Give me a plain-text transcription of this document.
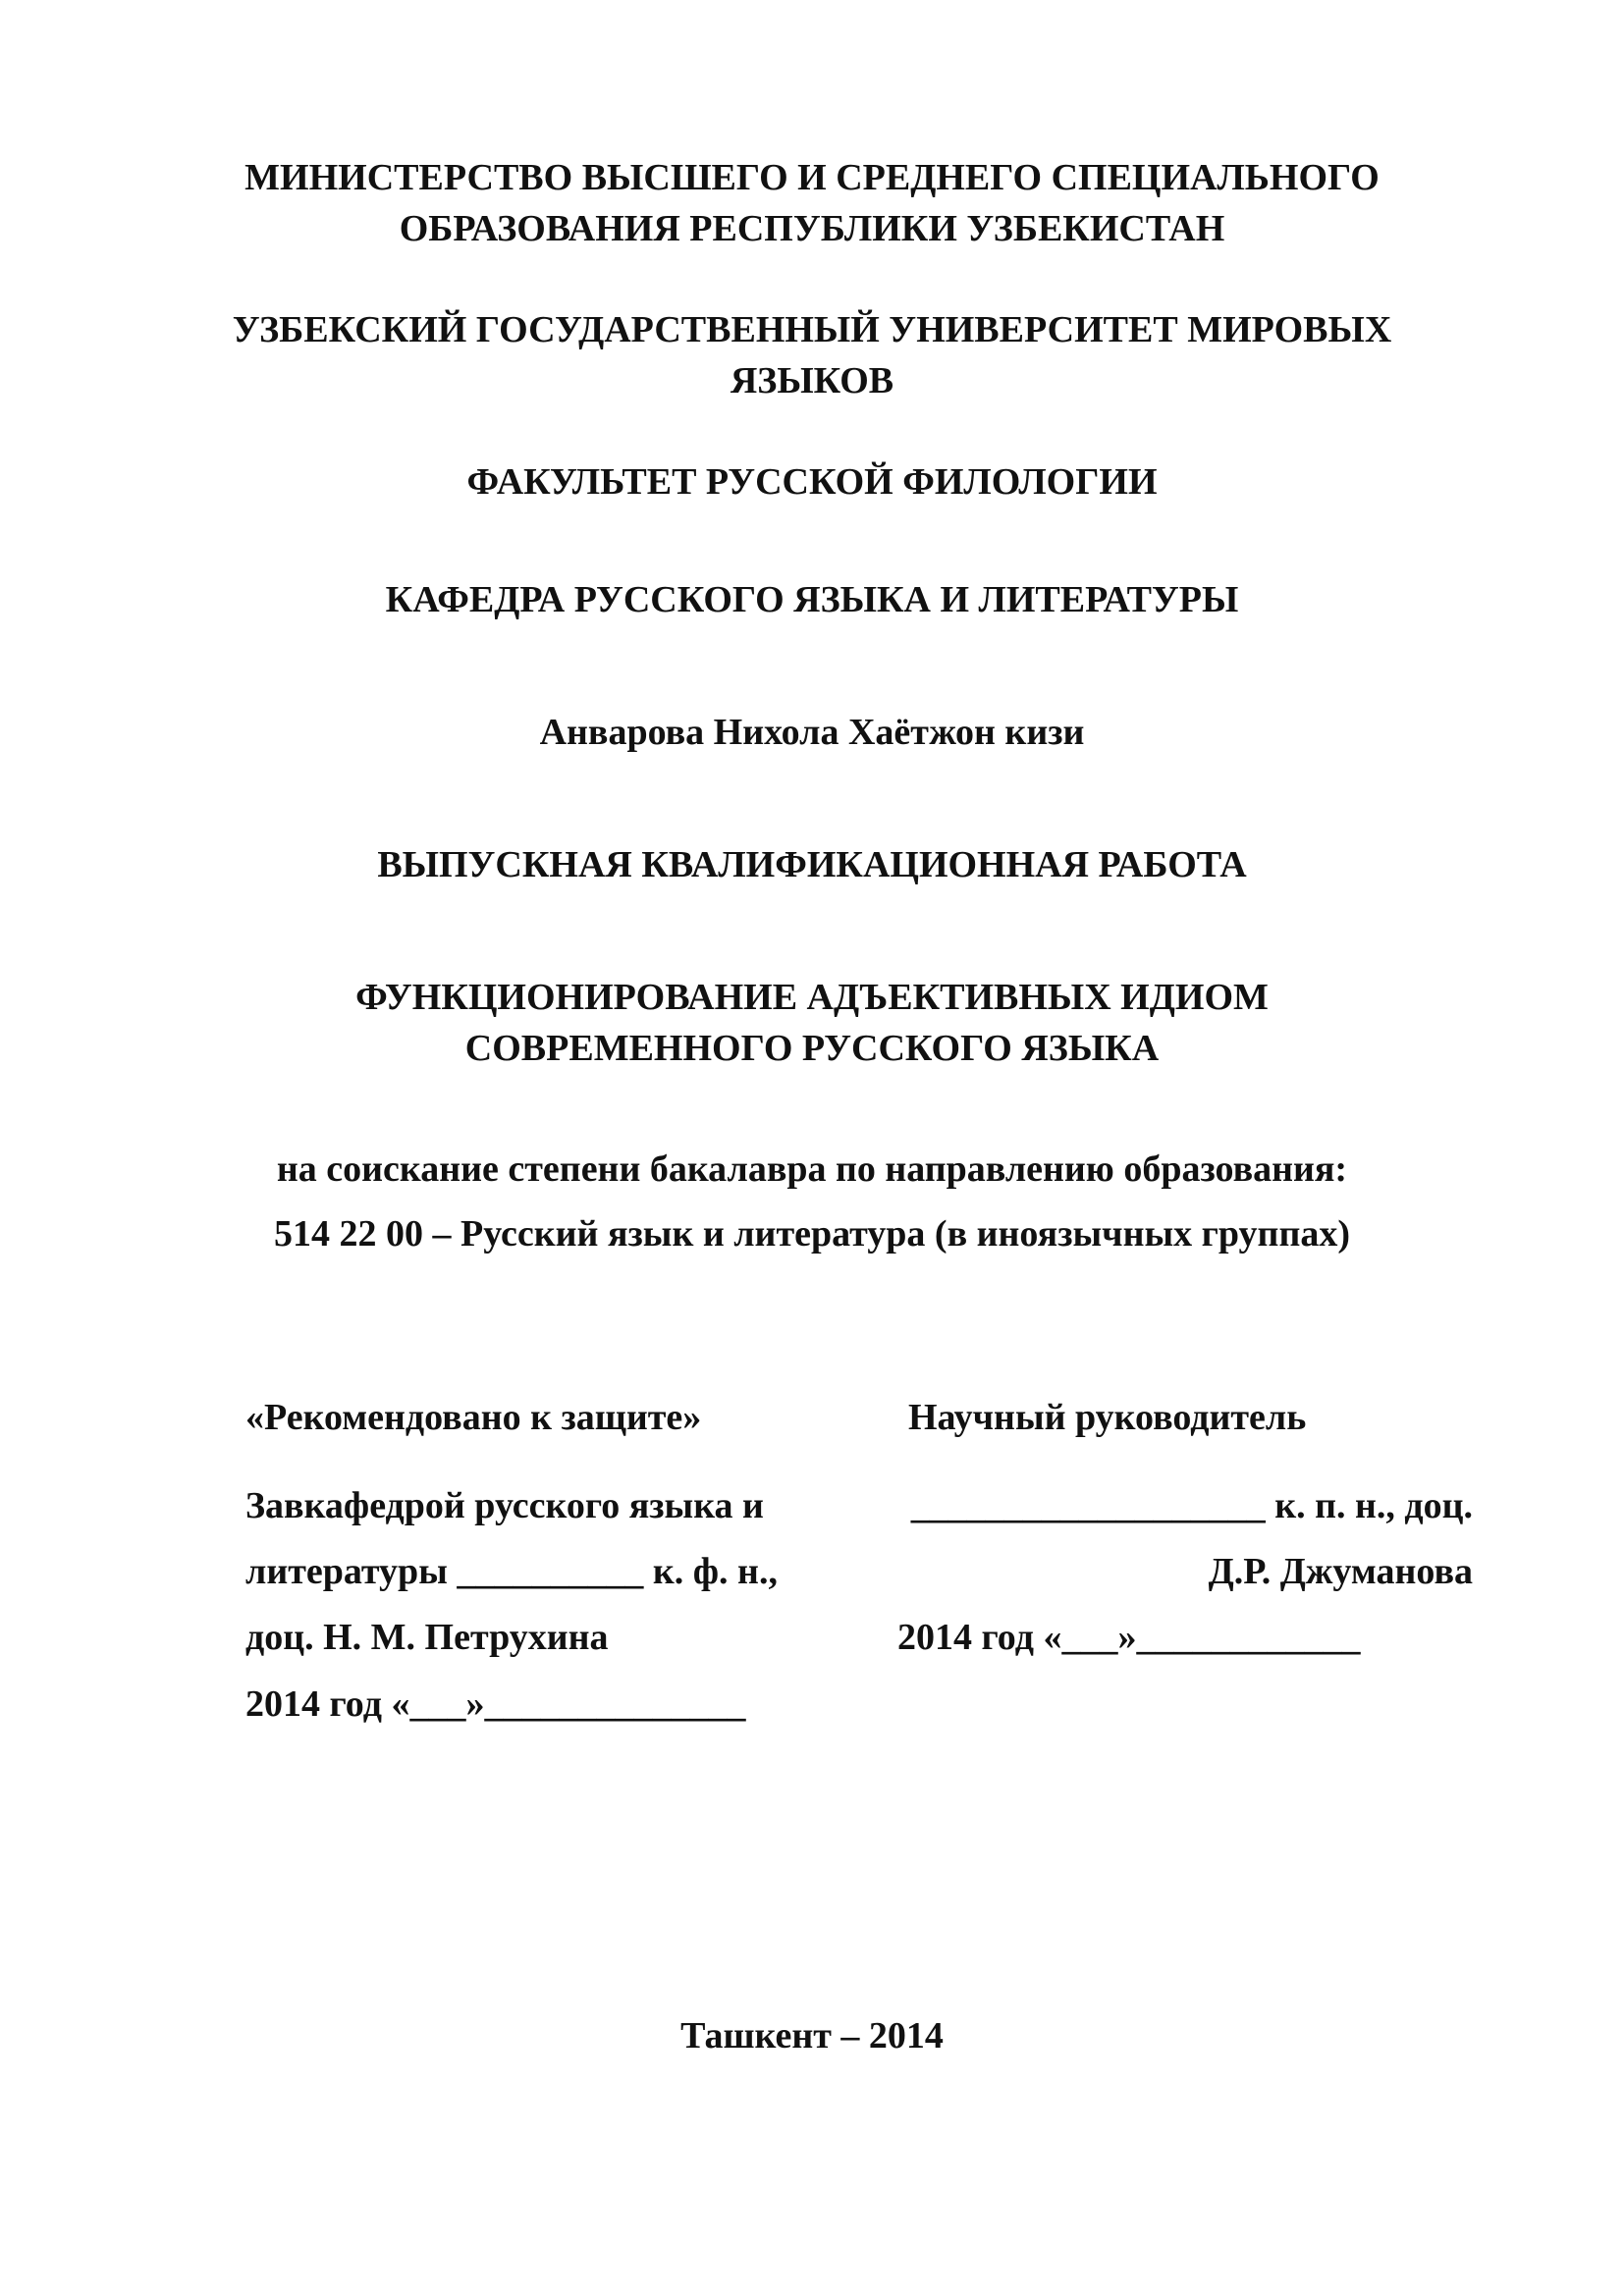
МИНИСТЕРСТВО ВЫСШЕГО И СРЕДНЕГО СПЕЦИАЛЬНОГО
ОБРАЗОВАНИЯ РЕСПУБЛИКИ УЗБЕКИСТАН
УЗБЕКСКИЙ ГОСУДАРСТВЕННЫЙ УНИВЕРСИТЕТ МИРОВЫХ
ЯЗЫКОВ
ФАКУЛЬТЕТ РУССКОЙ ФИЛОЛОГИИ
КАФЕДРА РУССКОГО ЯЗЫКА И ЛИТЕРАТУРЫ
Анварова Нихола Хаётжон кизи
ВЫПУСКНАЯ КВАЛИФИКАЦИОННАЯ РАБОТА
ФУНКЦИОНИРОВАНИЕ АДЪЕКТИВНЫХ ИДИОМ
СОВРЕМЕННОГО РУССКОГО ЯЗЫКА
на соискание степени бакалавра по направлению образования:
514 22 00 – Русский язык и литература (в иноязычных группах)
«Рекомендовано к защите»
Завкафедрой русского языка и
литературы __________ к. ф. н.,
доц. Н. М. Петрухина
2014 год «___»______________
Научный руководитель
___________________ к. п. н., доц.
Д.Р. Джуманова
2014 год «___»____________
Ташкент – 2014
